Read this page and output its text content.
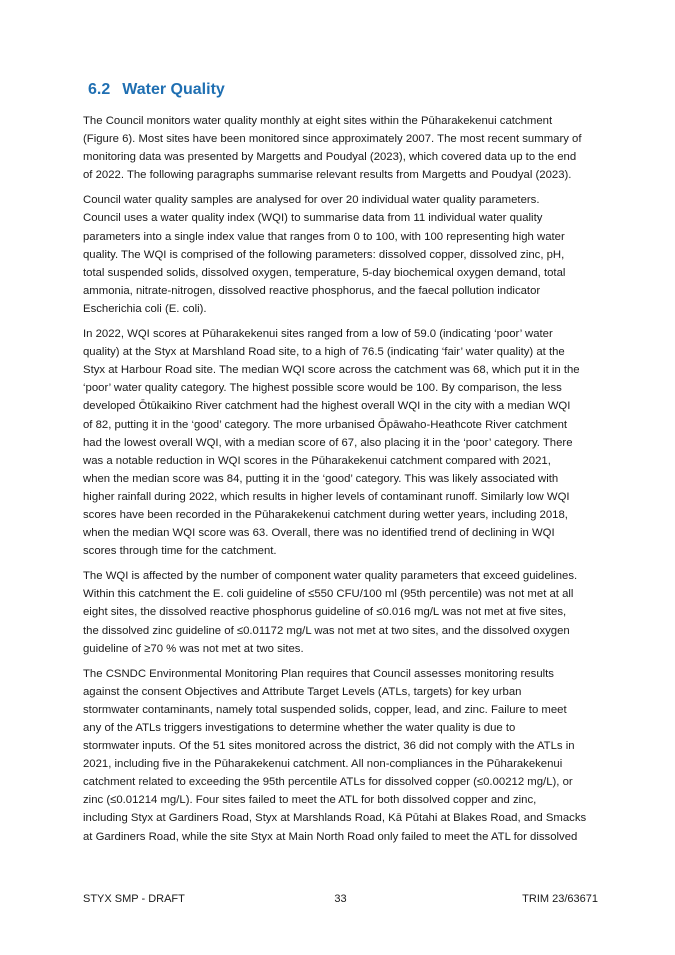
6.2 Water Quality

The Council monitors water quality monthly at eight sites within the Pūharakekenui catchment
(Figure 6). Most sites have been monitored since approximately 2007. The most recent summary of
monitoring data was presented by Margetts and Poudyal (2023), which covered data up to the end
of 2022. The following paragraphs summarise relevant results from Margetts and Poudyal (2023).

Council water quality samples are analysed for over 20 individual water quality parameters.
Council uses a water quality index (WQI) to summarise data from 11 individual water quality
parameters into a single index value that ranges from 0 to 100, with 100 representing high water
quality. The WQI is comprised of the following parameters: dissolved copper, dissolved zinc, pH,
total suspended solids, dissolved oxygen, temperature, 5-day biochemical oxygen demand, total
ammonia, nitrate-nitrogen, dissolved reactive phosphorus, and the faecal pollution indicator
Escherichia coli (E. coli).

In 2022, WQI scores at Pūharakekenui sites ranged from a low of 59.0 (indicating ‘poor’ water
quality) at the Styx at Marshland Road site, to a high of 76.5 (indicating ‘fair’ water quality) at the
Styx at Harbour Road site. The median WQI score across the catchment was 68, which put it in the
‘poor’ water quality category. The highest possible score would be 100. By comparison, the less
developed Ōtūkaikino River catchment had the highest overall WQI in the city with a median WQI
of 82, putting it in the ‘good’ category. The more urbanised Ōpāwaho-Heathcote River catchment
had the lowest overall WQI, with a median score of 67, also placing it in the ‘poor’ category. There
was a notable reduction in WQI scores in the Pūharakekenui catchment compared with 2021,
when the median score was 84, putting it in the ‘good’ category. This was likely associated with
higher rainfall during 2022, which results in higher levels of contaminant runoff. Similarly low WQI
scores have been recorded in the Pūharakekenui catchment during wetter years, including 2018,
when the median WQI score was 63. Overall, there was no identified trend of declining in WQI
scores through time for the catchment.

The WQI is affected by the number of component water quality parameters that exceed guidelines.
Within this catchment the E. coli guideline of ≤550 CFU/100 ml (95th percentile) was not met at all
eight sites, the dissolved reactive phosphorus guideline of ≤0.016 mg/L was not met at five sites,
the dissolved zinc guideline of ≤0.01172 mg/L was not met at two sites, and the dissolved oxygen
guideline of ≥70 % was not met at two sites.

The CSNDC Environmental Monitoring Plan requires that Council assesses monitoring results
against the consent Objectives and Attribute Target Levels (ATLs, targets) for key urban
stormwater contaminants, namely total suspended solids, copper, lead, and zinc. Failure to meet
any of the ATLs triggers investigations to determine whether the water quality is due to
stormwater inputs. Of the 51 sites monitored across the district, 36 did not comply with the ATLs in
2021, including five in the Pūharakekenui catchment. All non-compliances in the Pūharakekenui
catchment related to exceeding the 95th percentile ATLs for dissolved copper (≤0.00212 mg/L), or
zinc (≤0.01214 mg/L). Four sites failed to meet the ATL for both dissolved copper and zinc,
including Styx at Gardiners Road, Styx at Marshlands Road, Kā Pūtahi at Blakes Road, and Smacks
at Gardiners Road, while the site Styx at Main North Road only failed to meet the ATL for dissolved

STYX SMP - DRAFT	33	TRIM 23/63671
